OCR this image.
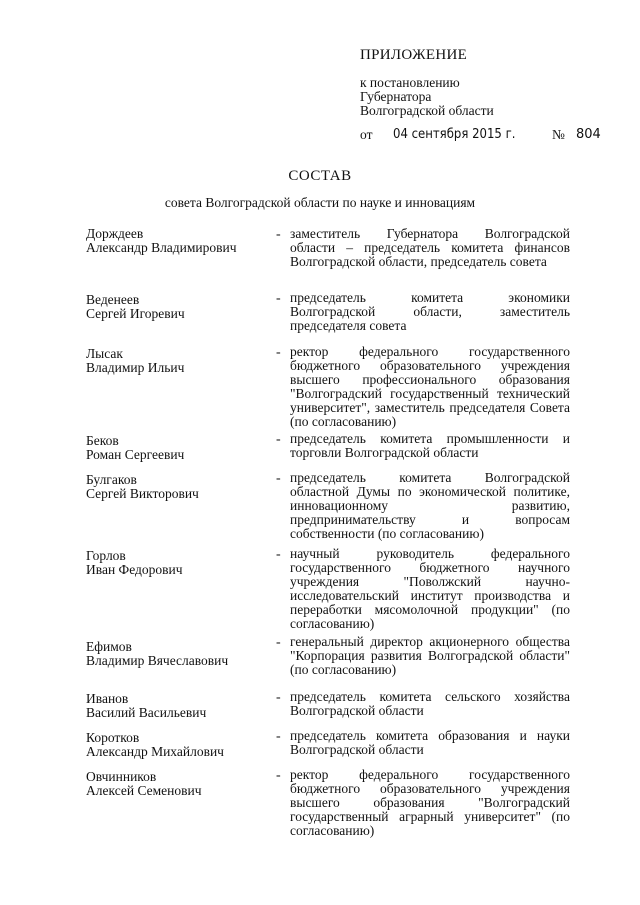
ПРИЛОЖЕНИЕ
к постановлению
Губернатора
Волгоградской области
от 04 сентября 2015 г.	№ 804
СОСТАВ
совета Волгоградской области по науке и инновациям
Дорждеев
Александр Владимирович
- заместитель Губернатора Волгоградской области – председатель комитета финансов Волгоградской области, председатель совета
Веденеев
Сергей Игоревич
- председатель комитета экономики Волгоградской области, заместитель председателя совета
Лысак
Владимир Ильич
- ректор федерального государственного бюджетного образовательного учреждения высшего профессионального образования "Волгоградский государственный технический университет", заместитель председателя Совета (по согласованию)
Беков
Роман Сергеевич
- председатель комитета промышленности и торговли Волгоградской области
Булгаков
Сергей Викторович
- председатель комитета Волгоградской областной Думы по экономической политике, инновационному развитию, предпринимательству и вопросам собственности (по согласованию)
Горлов
Иван Федорович
- научный руководитель федерального государственного бюджетного научного учреждения "Поволжский научно-исследовательский институт производства и переработки мясомолочной продукции" (по согласованию)
Ефимов
Владимир Вячеславович
- генеральный директор акционерного общества "Корпорация развития Волгоградской области" (по согласованию)
Иванов
Василий Васильевич
- председатель комитета сельского хозяйства Волгоградской области
Коротков
Александр Михайлович
- председатель комитета образования и науки Волгоградской области
Овчинников
Алексей Семенович
- ректор федерального государственного бюджетного образовательного учреждения высшего образования "Волгоградский государственный аграрный университет" (по согласованию)
